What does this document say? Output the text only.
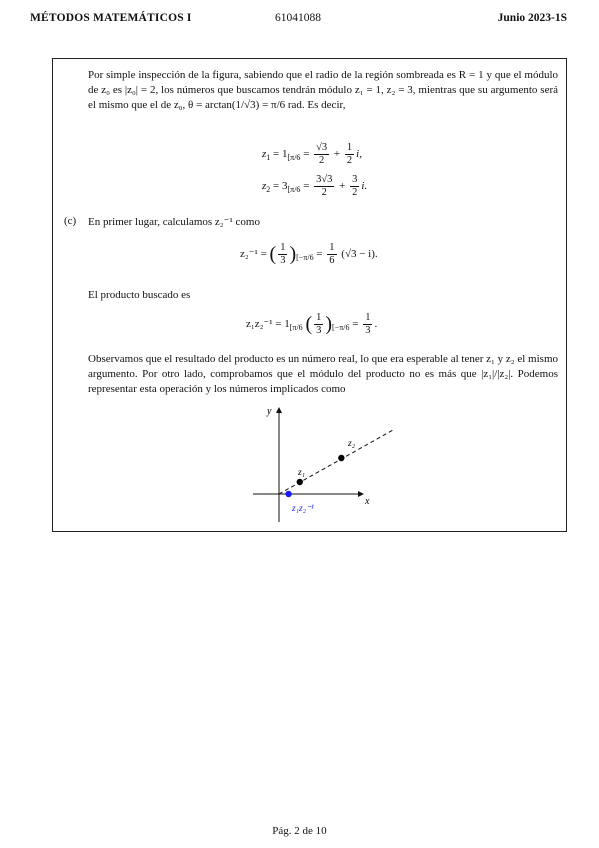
MÉTODOS MATEMÁTICOS I	61041088	Junio 2023-1S
Por simple inspección de la figura, sabiendo que el radio de la región sombreada es R = 1 y que el módulo de z₀ es |z₀| = 2, los números que buscamos tendrán módulo z₁ = 1, z₂ = 3, mientras que su argumento será el mismo que el de z₀, θ = arctan(1/√3) = π/6 rad. Es decir,
$z_1 = 1_{[\pi/6} = \frac{√3}{2} + \frac{1}{2} i$,
$z_2 = 3_{[\pi/6} = \frac{3√3}{2} + \frac{3}{2} i$.
(c) En primer lugar, calculamos z₂⁻¹ como
z₂⁻¹ = ( $\frac{1}{3} )_{[-\pi/6} = \frac{1}{6} (√3 - i)$.
El producto buscado es
$z_1z_2^{-1} = 1_{[\pi/6}$ ( $\frac{1}{3} )_{[-\pi/6} = \frac{1}{3}$ .
Observamos que el resultado del producto es un número real, lo que era esperable al tener z₁ y z₂ el mismo argumento. Por otro lado, comprobamos que el módulo del producto no es más que |z₁|/|z₂|. Podemos representar esta operación y los números implicados como
x
y
z₁
z₂
z₁z₂⁻¹
Pág. 2 de 10
